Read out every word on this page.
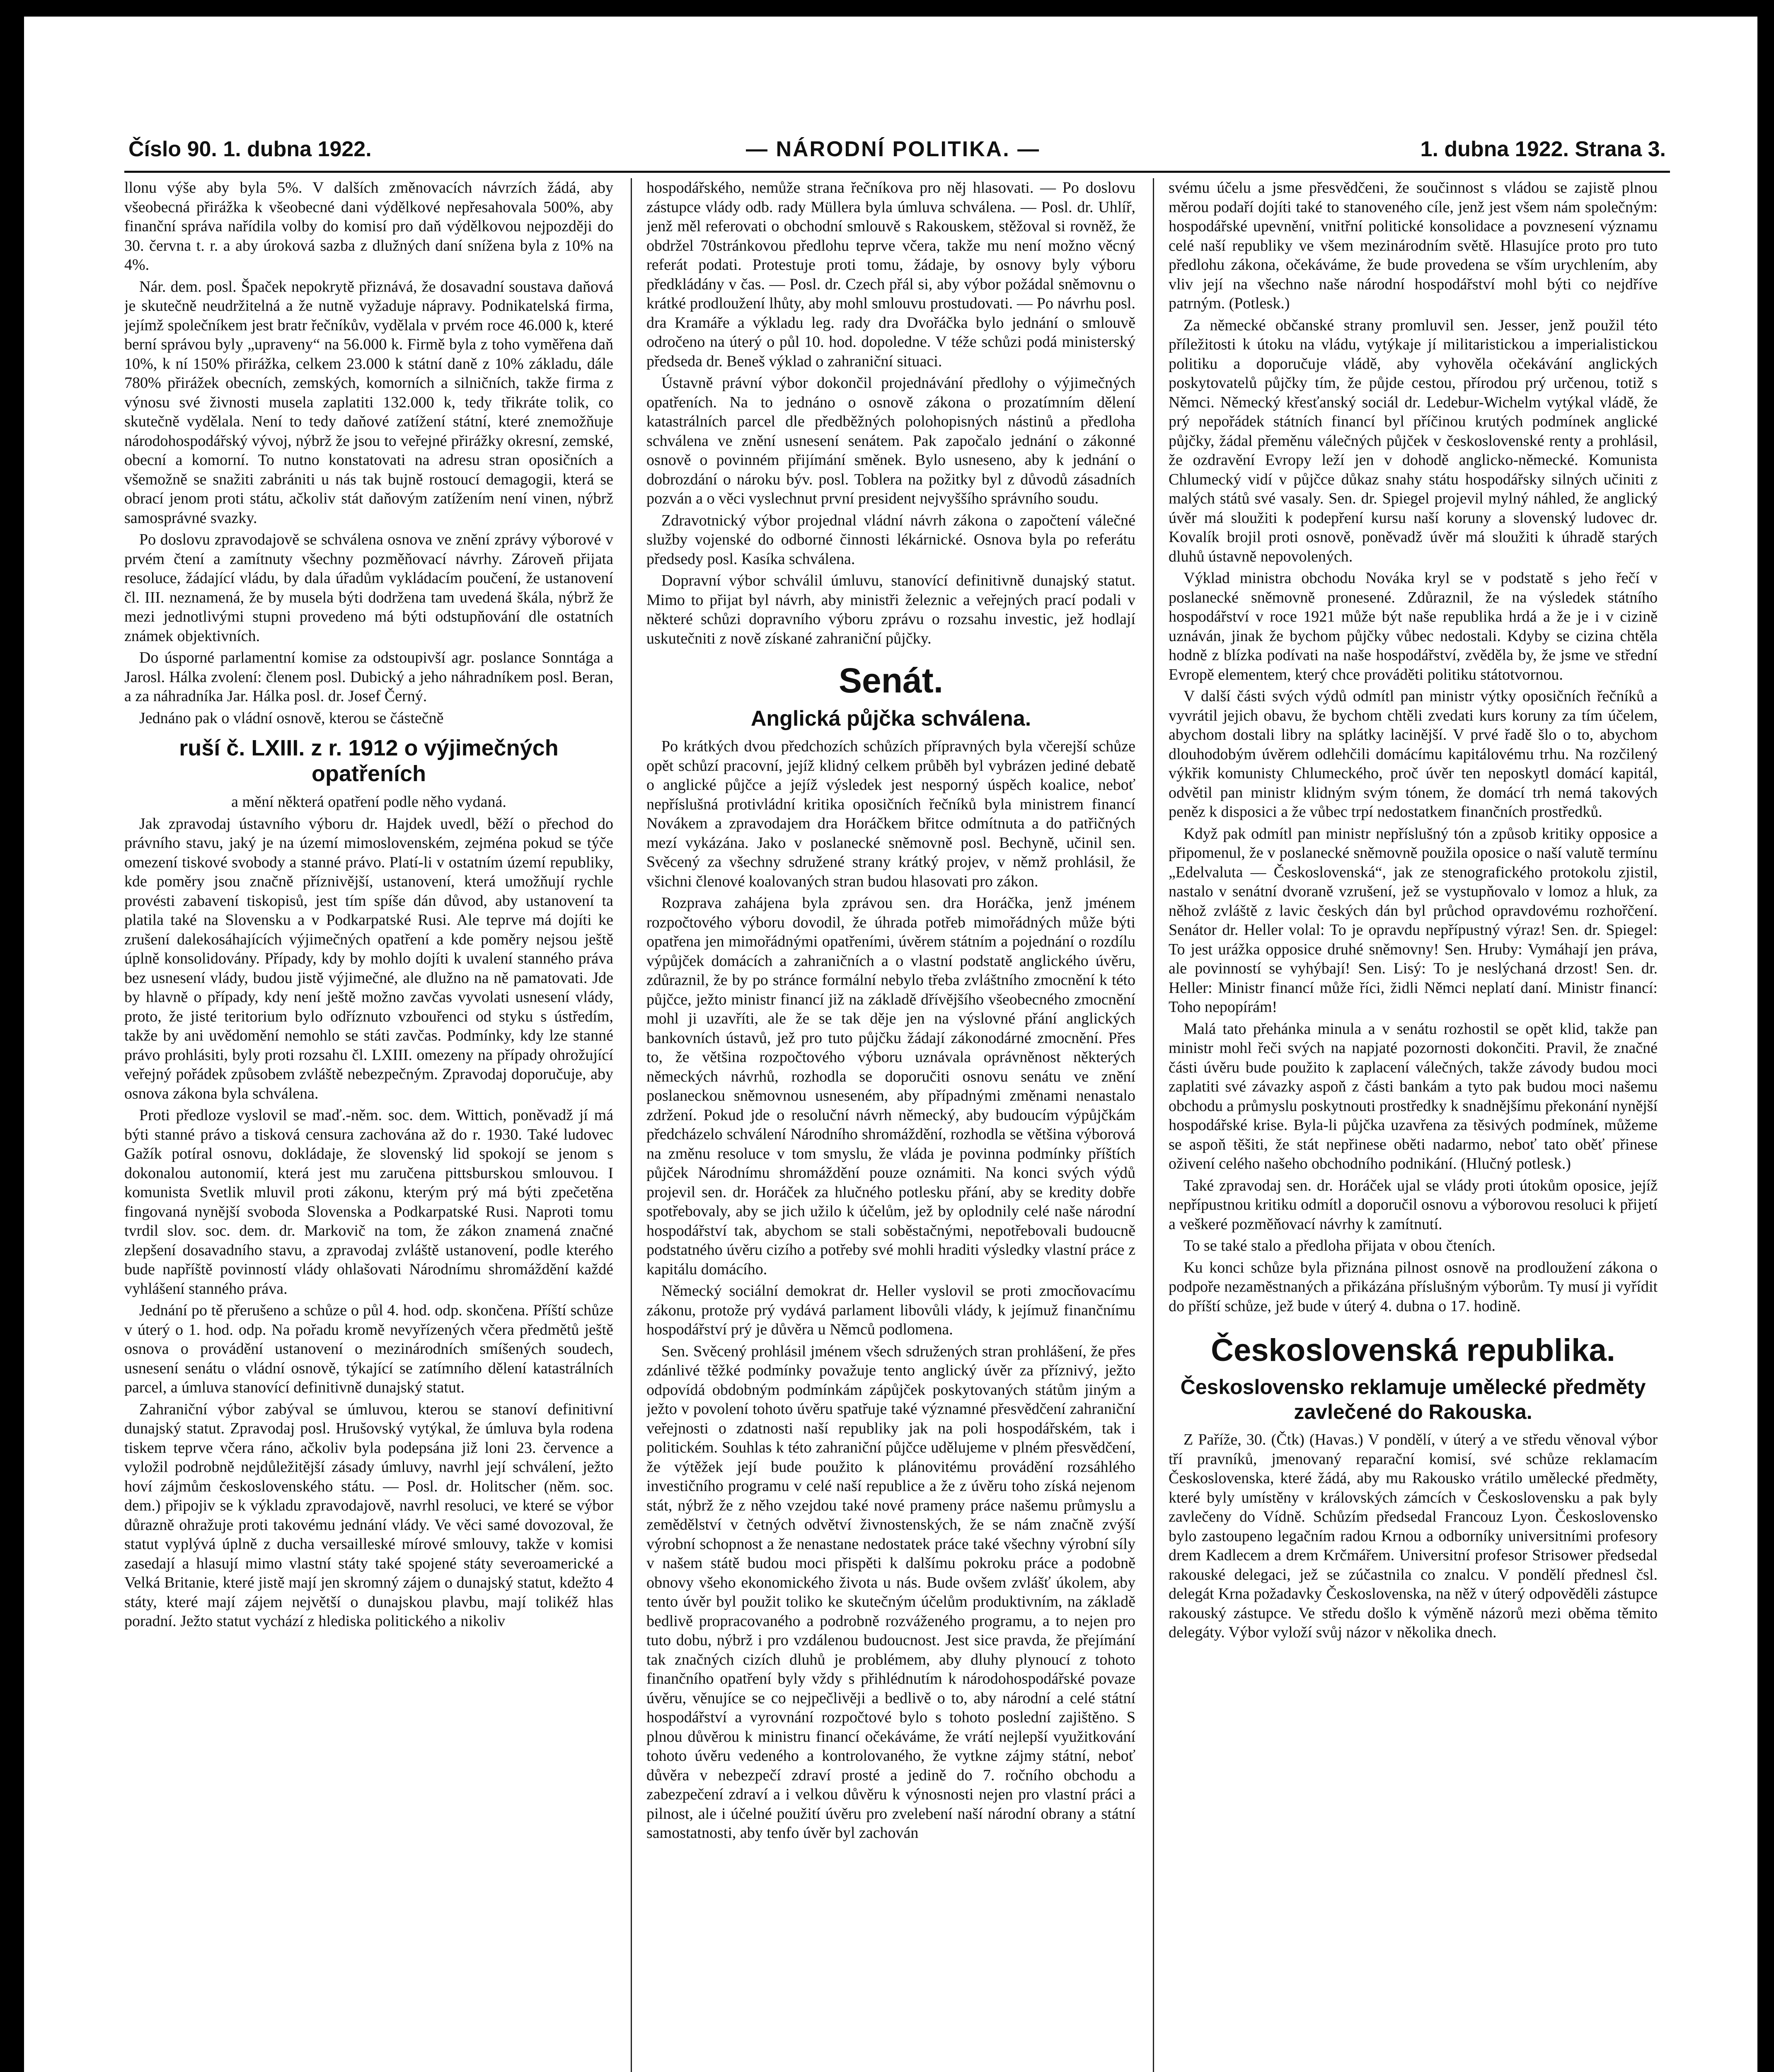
Číslo 90. 1. dubna 1922.	— NÁRODNÍ POLITIKA. —	1. dubna 1922. Strana 3.

llonu výše aby byla 5%. V dalších změnovacích návrzích žádá, aby všeobecná přirážka k všeobecné dani výdělkové nepřesahovala 500%, aby finanční správa nařídila volby do komisí pro daň výdělkovou nejpozději do 30. června t. r. a aby úroková sazba z dlužných daní snížena byla z 10% na 4%.

Nár. dem. posl. Špaček nepokrytě přiznává, že dosavadní soustava daňová je skutečně neudržitelná a že nutně vyžaduje nápravy. Podnikatelská firma, jejímž společníkem jest bratr řečníkův, vydělala v prvém roce 46.000 k, které berní správou byly „upraveny“ na 56.000 k. Firmě byla z toho vyměřena daň 10%, k ní 150% přirážka, celkem 23.000 k státní daně z 10% základu, dále 780% přirážek obecních, zemských, komorních a silničních, takže firma z výnosu své živnosti musela zaplatiti 132.000 k, tedy třikráte tolik, co skutečně vydělala. Není to tedy daňové zatížení státní, které znemožňuje národohospodářský vývoj, nýbrž že jsou to veřejné přirážky okresní, zemské, obecní a komorní. To nutno konstatovati na adresu stran oposičních a všemožně se snažiti zabrániti u nás tak bujně rostoucí demagogii, která se obrací jenom proti státu, ačkoliv stát daňovým zatížením není vinen, nýbrž samosprávné svazky.

Po doslovu zpravodajově se schválena osnova ve znění zprávy výborové v prvém čtení a zamítnuty všechny pozměňovací návrhy. Zároveň přijata resoluce, žádající vládu, by dala úřadům vykládacím poučení, že ustanovení čl. III. neznamená, že by musela býti dodržena tam uvedená škála, nýbrž že mezi jednotlivými stupni provedeno má býti odstupňování dle ostatních známek objektivních.

Do úsporné parlamentní komise za odstoupivší agr. poslance Sonntága a Jarosl. Hálka zvolení: členem posl. Dubický a jeho náhradníkem posl. Beran, a za náhradníka Jar. Hálka posl. dr. Josef Černý.

Jednáno pak o vládní osnově, kterou se částečně

ruší č. LXIII. z r. 1912 o výjimečných opatřeních

a mění některá opatření podle něho vydaná.

Jak zpravodaj ústavního výboru dr. Hajdek uvedl, běží o přechod do právního stavu, jaký je na území mimoslovenském, zejména pokud se týče omezení tiskové svobody a stanné právo. Platí-li v ostatním území republiky, kde poměry jsou značně příznivější, ustanovení, která umožňují rychle provésti zabavení tiskopisů, jest tím spíše dán důvod, aby ustanovení ta platila také na Slovensku a v Podkarpatské Rusi. Ale teprve má dojíti ke zrušení dalekosáhajících výjimečných opatření a kde poměry nejsou ještě úplně konsolidovány. Případy, kdy by mohlo dojíti k uvalení stanného práva bez usnesení vlády, budou jistě výjimečné, ale dlužno na ně pamatovati. Jde by hlavně o případy, kdy není ještě možno zavčas vyvolati usnesení vlády, proto, že jisté teritorium bylo odříznuto vzbouřenci od styku s ústředím, takže by ani uvědomění nemohlo se státi zavčas. Podmínky, kdy lze stanné právo prohlásiti, byly proti rozsahu čl. LXIII. omezeny na případy ohrožující veřejný pořádek způsobem zvláště nebezpečným. Zpravodaj doporučuje, aby osnova zákona byla schválena.

Proti předloze vyslovil se maď.-něm. soc. dem. Wittich, poněvadž jí má býti stanné právo a tisková censura zachována až do r. 1930. Také ludovec Gažík potíral osnovu, dokládaje, že slovenský lid spokojí se jenom s dokonalou autonomií, která jest mu zaručena pittsburskou smlouvou. I komunista Svetlik mluvil proti zákonu, kterým prý má býti zpečetěna fingovaná nynější svoboda Slovenska a Podkarpatské Rusi. Naproti tomu tvrdil slov. soc. dem. dr. Markovič na tom, že zákon znamená značné zlepšení dosavadního stavu, a zpravodaj zvláště ustanovení, podle kterého bude napříště povinností vlády ohlašovati Národnímu shromáždění každé vyhlášení stanného práva.

Jednání po tě přerušeno a schůze o půl 4. hod. odp. skončena. Příští schůze v úterý o 1. hod. odp. Na pořadu kromě nevyřízených včera předmětů ještě osnova o provádění ustanovení o mezinárodních smíšených soudech, usnesení senátu o vládní osnově, týkající se zatímního dělení katastrálních parcel, a úmluva stanovící definitivně dunajský statut.

Zahraniční výbor zabýval se úmluvou, kterou se stanoví definitivní dunajský statut. Zpravodaj posl. Hrušovský vytýkal, že úmluva byla rodena tiskem teprve včera ráno, ačkoliv byla podepsána již loni 23. července a vyložil podrobně nejdůležitější zásady úmluvy, navrhl její schválení, ježto hoví zájmům československého státu. — Posl. dr. Holitscher (něm. soc. dem.) připojiv se k výkladu zpravodajově, navrhl resoluci, ve které se výbor důrazně ohražuje proti takovému jednání vlády. Ve věci samé dovozoval, že statut vyplývá úplně z ducha versailleské mírové smlouvy, takže v komisi zasedají a hlasují mimo vlastní státy také spojené státy severoamerické a Velká Britanie, které jistě mají jen skromný zájem o dunajský statut, kdežto 4 státy, které mají zájem největší o dunajskou plavbu, mají tolikéž hlas poradní. Ježto statut vychází z hlediska politického a nikoliv

hospodářského, nemůže strana řečníkova pro něj hlasovati. — Po doslovu zástupce vlády odb. rady Müllera byla úmluva schválena. — Posl. dr. Uhlíř, jenž měl referovati o obchodní smlouvě s Rakouskem, stěžoval si rovněž, že obdržel 70stránkovou předlohu teprve včera, takže mu není možno věcný referát podati. Protestuje proti tomu, žádaje, by osnovy byly výboru předkládány v čas. — Posl. dr. Czech přál si, aby výbor požádal sněmovnu o krátké prodloužení lhůty, aby mohl smlouvu prostudovati. — Po návrhu posl. dra Kramáře a výkladu leg. rady dra Dvořáčka bylo jednání o smlouvě odročeno na úterý o půl 10. hod. dopoledne. V téže schůzi podá ministerský předseda dr. Beneš výklad o zahraniční situaci.

Ústavně právní výbor dokončil projednávání předlohy o výjimečných opatřeních. Na to jednáno o osnově zákona o prozatímním dělení katastrálních parcel dle předběžných polohopisných nástinů a předloha schválena ve znění usnesení senátem. Pak započalo jednání o zákonné osnově o povinném přijímání směnek. Bylo usneseno, aby k jednání o dobrozdání o nároku býv. posl. Toblera na požitky byl z důvodů zásadních pozván a o věci vyslechnut první president nejvyššího správního soudu.

Zdravotnický výbor projednal vládní návrh zákona o započtení válečné služby vojenské do odborné činnosti lékárnické. Osnova byla po referátu předsedy posl. Kasíka schválena.

Dopravní výbor schválil úmluvu, stanovící definitivně dunajský statut. Mimo to přijat byl návrh, aby ministři železnic a veřejných prací podali v některé schůzi dopravního výboru zprávu o rozsahu investic, jež hodlají uskutečniti z nově získané zahraniční půjčky.

Senát.
Anglická půjčka schválena.

Po krátkých dvou předchozích schůzích přípravných byla včerejší schůze opět schůzí pracovní, jejíž klidný celkem průběh byl vybrázen jediné debatě o anglické půjčce a jejíž výsledek jest nesporný úspěch koalice, neboť nepříslušná protivládní kritika oposičních řečníků byla ministrem financí Novákem a zpravodajem dra Horáčkem břitce odmítnuta a do patřičných mezí vykázána. Jako v poslanecké sněmovně posl. Bechyně, učinil sen. Svěcený za všechny sdružené strany krátký projev, v němž prohlásil, že všichni členové koalovaných stran budou hlasovati pro zákon.

Rozprava zahájena byla zprávou sen. dra Horáčka, jenž jménem rozpočtového výboru dovodil, že úhrada potřeb mimořádných může býti opatřena jen mimořádnými opatřeními, úvěrem státním a pojednání o rozdílu výpůjček domácích a zahraničních a o vlastní podstatě anglického úvěru, zdůraznil, že by po stránce formální nebylo třeba zvláštního zmocnění k této půjčce, ježto ministr financí již na základě dřívějšího všeobecného zmocnění mohl ji uzavříti, ale že se tak děje jen na výslovné přání anglických bankovních ústavů, jež pro tuto půjčku žádají zákonodárné zmocnění. Přes to, že většina rozpočtového výboru uznávala oprávněnost některých německých návrhů, rozhodla se doporučiti osnovu senátu ve znění poslaneckou sněmovnou usneseném, aby případnými změnami nenastalo zdržení. Pokud jde o resoluční návrh německý, aby budoucím výpůjčkám předcházelo schválení Národního shromáždění, rozhodla se většina výborová na změnu resoluce v tom smyslu, že vláda je povinna podmínky příštích půjček Národnímu shromáždění pouze oznámiti. Na konci svých výdů projevil sen. dr. Horáček za hlučného potlesku přání, aby se kredity dobře spotřebovaly, aby se jich užilo k účelům, jež by oplodnily celé naše národní hospodářství tak, abychom se stali soběstačnými, nepotřebovali budoucně podstatného úvěru cizího a potřeby své mohli hraditi výsledky vlastní práce z kapitálu domácího.

Německý sociální demokrat dr. Heller vyslovil se proti zmocňovacímu zákonu, protože prý vydává parlament libovůli vlády, k jejímuž finančnímu hospodářství prý je důvěra u Němců podlomena.

Sen. Svěcený prohlásil jménem všech sdružených stran prohlášení, že přes zdánlivé těžké podmínky považuje tento anglický úvěr za příznivý, ježto odpovídá obdobným podmínkám zápůjček poskytovaných státům jiným a ježto v povolení tohoto úvěru spatřuje také významné přesvědčení zahraniční veřejnosti o zdatnosti naší republiky jak na poli hospodářském, tak i politickém. Souhlas k této zahraniční půjčce udělujeme v plném přesvědčení, že výtěžek její bude použito k plánovitému provádění rozsáhlého investičního programu v celé naší republice a že z úvěru toho získá nejenom stát, nýbrž že z něho vzejdou také nové prameny práce našemu průmyslu a zemědělství v četných odvětví živnostenských, že se nám značně zvýší výrobní schopnost a že nenastane nedostatek práce také všechny výrobní síly v našem státě budou moci přispěti k dalšímu pokroku práce a podobně obnovy všeho ekonomického života u nás. Bude ovšem zvlášť úkolem, aby tento úvěr byl použit toliko ke skutečným účelům produktivním, na základě bedlivě propracovaného a podrobně rozváženého programu, a to nejen pro tuto dobu, nýbrž i pro vzdálenou budoucnost. Jest sice pravda, že přejímání tak značných cizích dluhů je problémem, aby dluhy plynoucí z tohoto finančního opatření byly vždy s přihlédnutím k národohospodářské povaze úvěru, věnujíce se co nejpečlivěji a bedlivě o to, aby národní a celé státní hospodářství a vyrovnání rozpočtové bylo s tohoto poslední zajištěno. S plnou důvěrou k ministru financí očekáváme, že vrátí nejlepší využitkování tohoto úvěru vedeného a kontrolovaného, že vytkne zájmy státní, neboť důvěra v nebezpečí zdraví prosté a jedině do 7. ročního obchodu a zabezpečení zdraví a i velkou důvěru k výnosnosti nejen pro vlastní práci a pilnost, ale i účelné použití úvěru pro zvelebení naší národní obrany a státní samostatnosti, aby tenfo úvěr byl zachován

svému účelu a jsme přesvědčeni, že součinnost s vládou se zajistě plnou měrou podaří dojíti také to stanoveného cíle, jenž jest všem nám společným: hospodářské upevnění, vnitřní politické konsolidace a povznesení významu celé naší republiky ve všem mezinárodním světě. Hlasujíce proto pro tuto předlohu zákona, očekáváme, že bude provedena se vším urychlením, aby vliv její na všechno naše národní hospodářství mohl býti co nejdříve patrným. (Potlesk.)

Za německé občanské strany promluvil sen. Jesser, jenž použil této příležitosti k útoku na vládu, vytýkaje jí militaristickou a imperialistickou politiku a doporučuje vládě, aby vyhověla očekávání anglických poskytovatelů půjčky tím, že půjde cestou, přírodou prý určenou, totiž s Němci. Německý křesťanský sociál dr. Ledebur-Wichelm vytýkal vládě, že prý nepořádek státních financí byl příčinou krutých podmínek anglické půjčky, žádal přeměnu válečných půjček v československé renty a prohlásil, že ozdravění Evropy leží jen v dohodě anglicko-německé. Komunista Chlumecký vidí v půjčce důkaz snahy státu hospodářsky silných učiniti z malých států své vasaly. Sen. dr. Spiegel projevil mylný náhled, že anglický úvěr má sloužiti k podepření kursu naší koruny a slovenský ludovec dr. Kovalík brojil proti osnově, poněvadž úvěr má sloužiti k úhradě starých dluhů ústavně nepovolených.

Výklad ministra obchodu Nováka kryl se v podstatě s jeho řečí v poslanecké sněmovně pronesené. Zdůraznil, že na výsledek státního hospodářství v roce 1921 může být naše republika hrdá a že je i v cizině uznáván, jinak že bychom půjčky vůbec nedostali. Kdyby se cizina chtěla hodně z blízka podívati na naše hospodářství, zvěděla by, že jsme ve střední Evropě elementem, který chce prováděti politiku státotvornou.

V další části svých výdů odmítl pan ministr výtky oposičních řečníků a vyvrátil jejich obavu, že bychom chtěli zvedati kurs koruny za tím účelem, abychom dostali libry na splátky lacinější. V prvé řadě šlo o to, abychom dlouhodobým úvěrem odlehčili domácímu kapitálovému trhu. Na rozčilený výkřik komunisty Chlumeckého, proč úvěr ten neposkytl domácí kapitál, odvětil pan ministr klidným svým tónem, že domácí trh nemá takových peněz k disposici a že vůbec trpí nedostatkem finančních prostředků.

Když pak odmítl pan ministr nepříslušný tón a způsob kritiky opposice a připomenul, že v poslanecké sněmovně použila oposice o naší valutě termínu „Edelvaluta — Československá“, jak ze stenografického protokolu zjistil, nastalo v senátní dvoraně vzrušení, jež se vystupňovalo v lomoz a hluk, za něhož zvláště z lavic českých dán byl průchod opravdovému rozhořčení. Senátor dr. Heller volal: To je opravdu nepřípustný výraz! Sen. dr. Spiegel: To jest urážka opposice druhé sněmovny! Sen. Hruby: Vymáhají jen práva, ale povinností se vyhýbají! Sen. Lisý: To je neslýchaná drzost! Sen. dr. Heller: Ministr financí může říci, židli Němci neplatí daní. Ministr financí: Toho nepopírám!

Malá tato přehánka minula a v senátu rozhostil se opět klid, takže pan ministr mohl řeči svých na napjaté pozornosti dokončiti. Pravil, že značné části úvěru bude použito k zaplacení válečných, takže závody budou moci zaplatiti své závazky aspoň z části bankám a tyto pak budou moci našemu obchodu a průmyslu poskytnouti prostředky k snadnějšímu překonání nynější hospodářské krise. Byla-li půjčka uzavřena za těsivých podmínek, můžeme se aspoň těšiti, že stát nepřinese oběti nadarmo, neboť tato oběť přinese oživení celého našeho obchodního podnikání. (Hlučný potlesk.)

Také zpravodaj sen. dr. Horáček ujal se vlády proti útokům oposice, jejíž nepřípustnou kritiku odmítl a doporučil osnovu a výborovou resoluci k přijetí a veškeré pozměňovací návrhy k zamítnutí.

To se také stalo a předloha přijata v obou čteních.

Ku konci schůze byla přiznána pilnost osnově na prodloužení zákona o podpoře nezaměstnaných a přikázána příslušným výborům. Ty musí ji vyřídit do příští schůze, jež bude v úterý 4. dubna o 17. hodině.

Československá republika.
Československo reklamuje umělecké předměty zavlečené do Rakouska.

Z Paříže, 30. (Čtk) (Havas.) V pondělí, v úterý a ve středu věnoval výbor tří pravníků, jmenovaný reparační komisí, své schůze reklamacím Československa, které žádá, aby mu Rakousko vrátilo umělecké předměty, které byly umístěny v královských zámcích v Československu a pak byly zavlečeny do Vídně. Schůzím předsedal Francouz Lyon. Československo bylo zastoupeno legačním radou Krnou a odborníky universitními profesory drem Kadlecem a drem Krčmářem. Universitní profesor Strisower předsedal rakouské delegaci, jež se zúčastnila co znalcu. V pondělí přednesl čsl. delegát Krna požadavky Československa, na něž v úterý odpověděli zástupce rakouský zástupce. Ve středu došlo k výměně názorů mezi oběma těmito delegáty. Výbor vyloží svůj názor v několika dnech.
